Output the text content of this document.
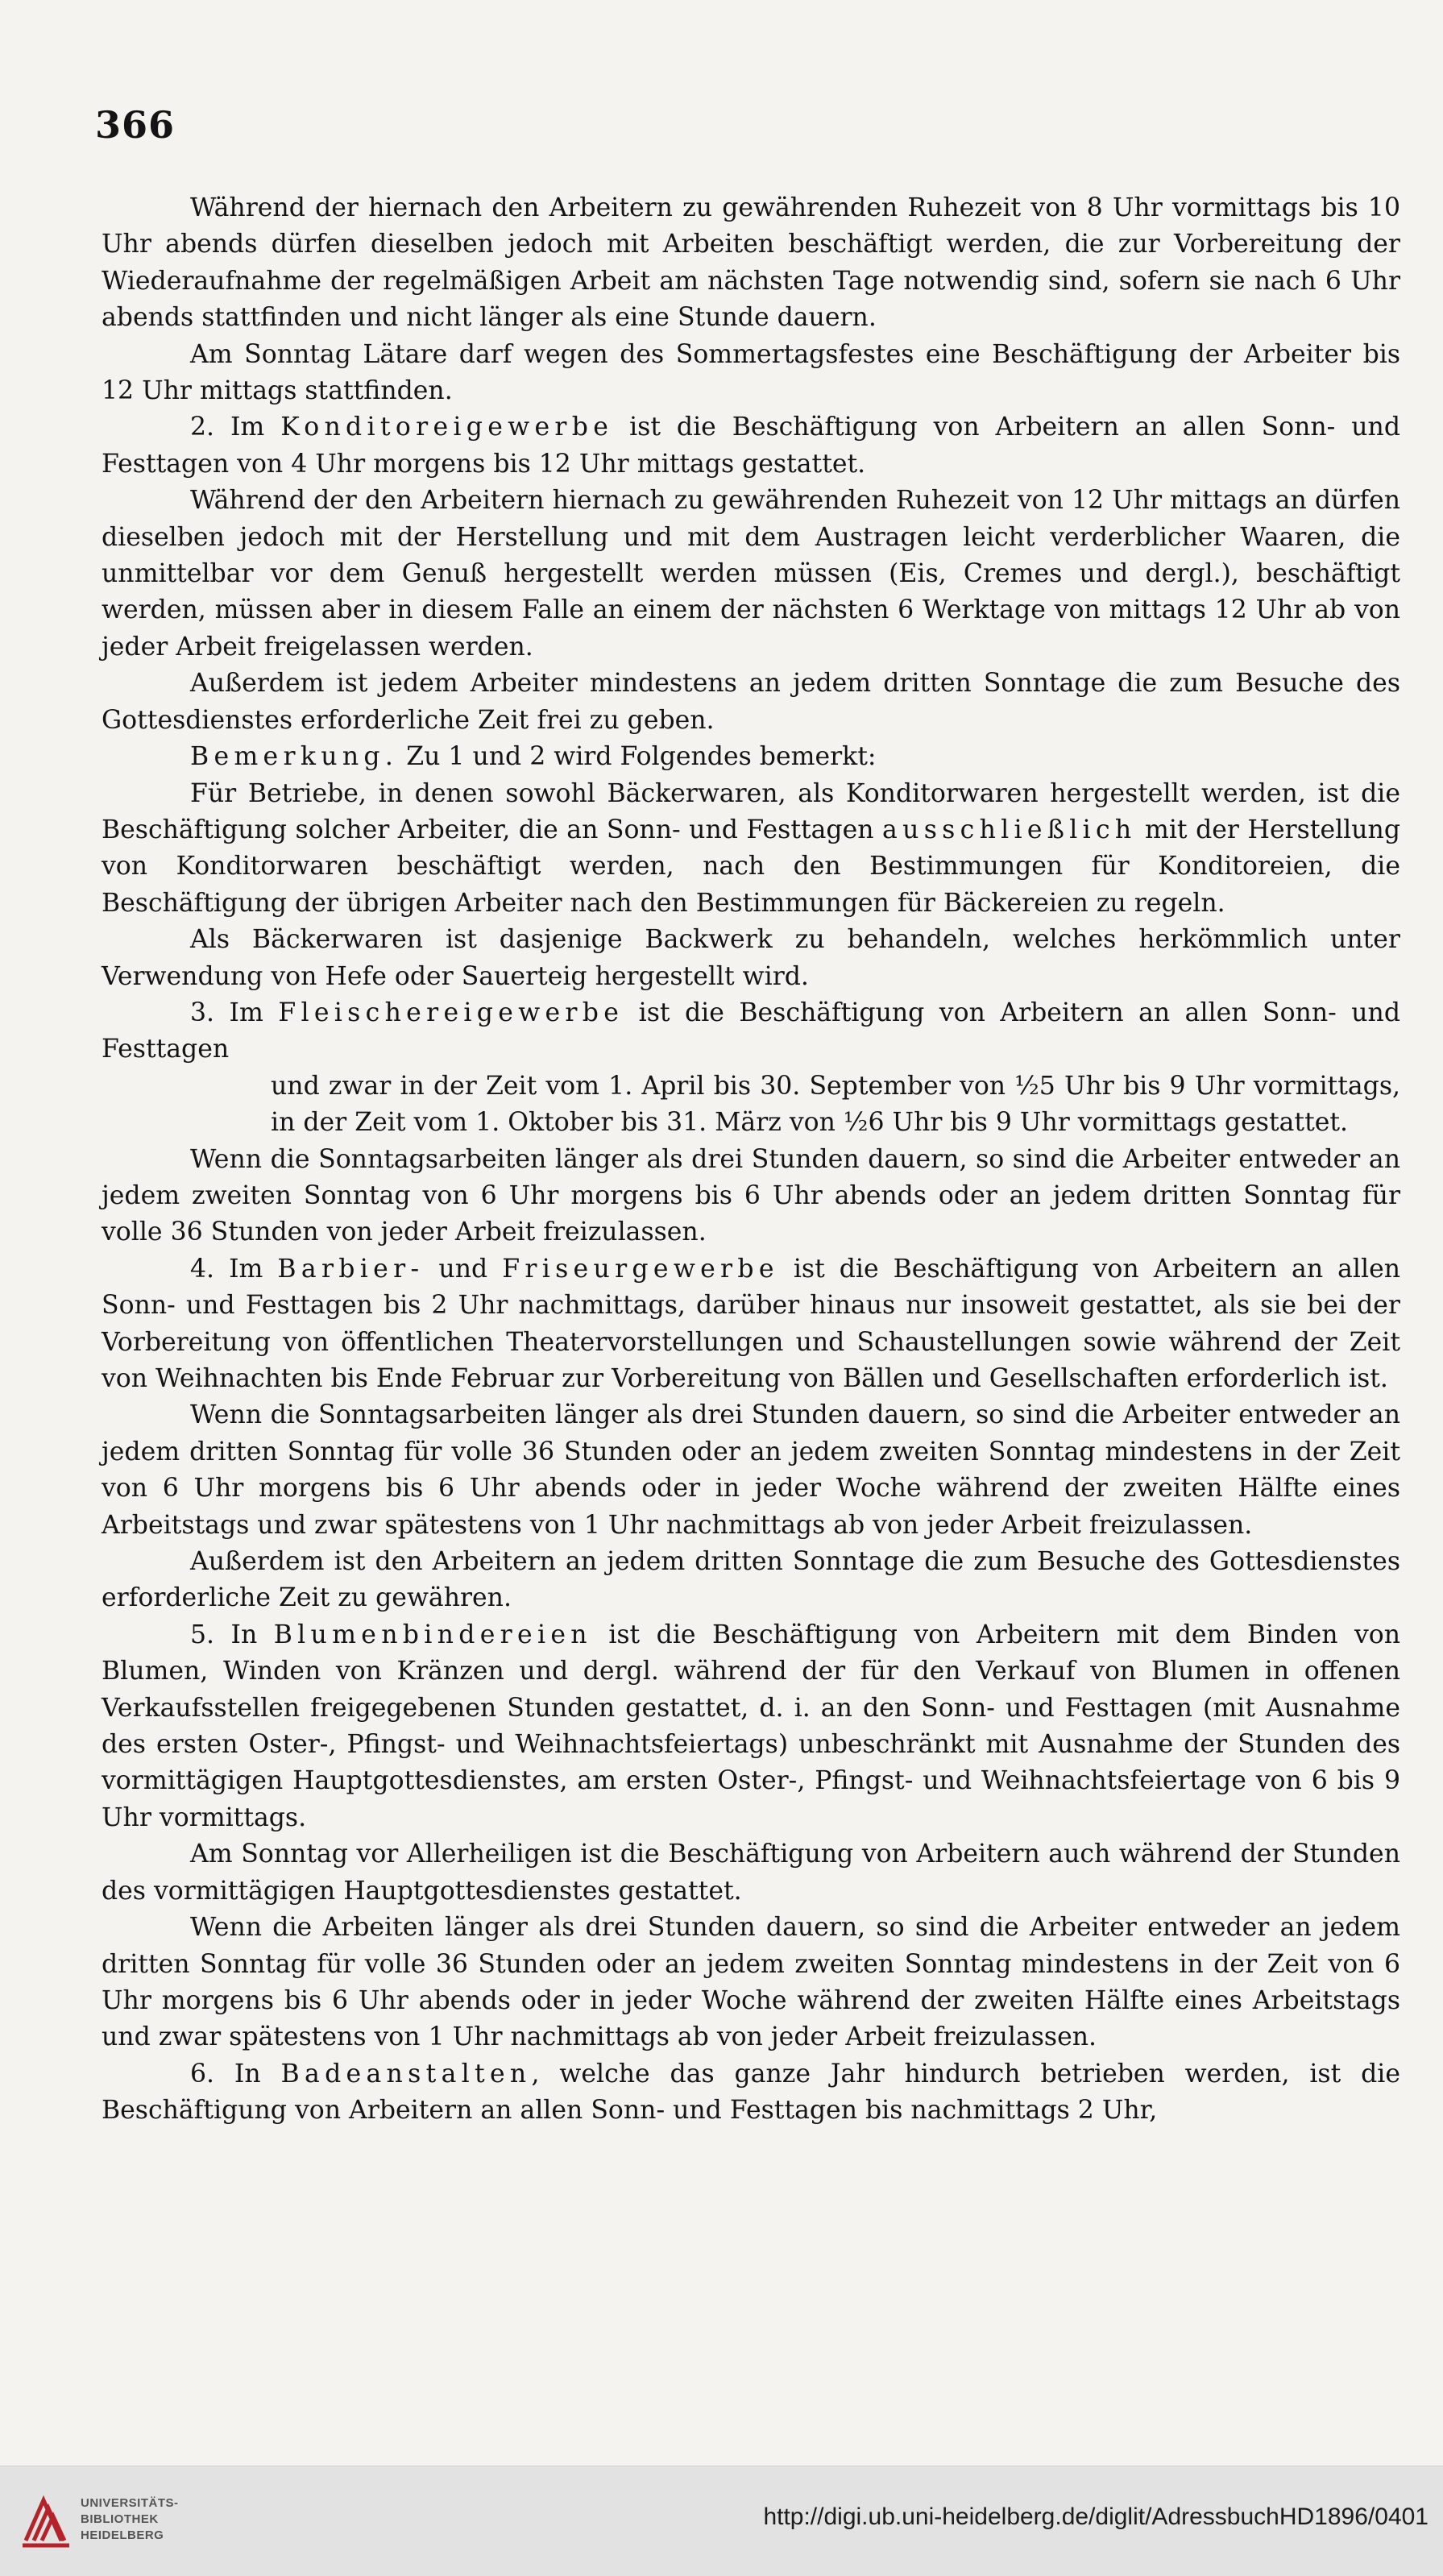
366

Während der hiernach den Arbeitern zu gewährenden Ruhezeit von 8 Uhr vormittags bis 10 Uhr abends dürfen dieselben jedoch mit Arbeiten beschäftigt werden, die zur Vorbereitung der Wiederaufnahme der regelmäßigen Arbeit am nächsten Tage notwendig sind, sofern sie nach 6 Uhr abends stattfinden und nicht länger als eine Stunde dauern.

Am Sonntag Lätare darf wegen des Sommertagsfestes eine Beschäftigung der Arbeiter bis 12 Uhr mittags stattfinden.

2. Im Konditoreigewerbe ist die Beschäftigung von Arbeitern an allen Sonn- und Festtagen von 4 Uhr morgens bis 12 Uhr mittags gestattet.

Während der den Arbeitern hiernach zu gewährenden Ruhezeit von 12 Uhr mittags an dürfen dieselben jedoch mit der Herstellung und mit dem Austragen leicht verderblicher Waaren, die unmittelbar vor dem Genuß hergestellt werden müssen (Eis, Cremes und dergl.), beschäftigt werden, müssen aber in diesem Falle an einem der nächsten 6 Werktage von mittags 12 Uhr ab von jeder Arbeit freigelassen werden.

Außerdem ist jedem Arbeiter mindestens an jedem dritten Sonntage die zum Besuche des Gottesdienstes erforderliche Zeit frei zu geben.

Bemerkung. Zu 1 und 2 wird Folgendes bemerkt:

Für Betriebe, in denen sowohl Bäckerwaren, als Konditorwaren hergestellt werden, ist die Beschäftigung solcher Arbeiter, die an Sonn- und Festtagen ausschließlich mit der Herstellung von Konditorwaren beschäftigt werden, nach den Bestimmungen für Konditoreien, die Beschäftigung der übrigen Arbeiter nach den Bestimmungen für Bäckereien zu regeln.

Als Bäckerwaren ist dasjenige Backwerk zu behandeln, welches herkömmlich unter Verwendung von Hefe oder Sauerteig hergestellt wird.

3. Im Fleischereigewerbe ist die Beschäftigung von Arbeitern an allen Sonn- und Festtagen

und zwar in der Zeit vom 1. April bis 30. September von ½5 Uhr bis 9 Uhr vormittags, in der Zeit vom 1. Oktober bis 31. März von ½6 Uhr bis 9 Uhr vormittags gestattet.

Wenn die Sonntagsarbeiten länger als drei Stunden dauern, so sind die Arbeiter entweder an jedem zweiten Sonntag von 6 Uhr morgens bis 6 Uhr abends oder an jedem dritten Sonntag für volle 36 Stunden von jeder Arbeit freizulassen.

4. Im Barbier- und Friseurgewerbe ist die Beschäftigung von Arbeitern an allen Sonn- und Festtagen bis 2 Uhr nachmittags, darüber hinaus nur insoweit gestattet, als sie bei der Vorbereitung von öffentlichen Theatervorstellungen und Schaustellungen sowie während der Zeit von Weihnachten bis Ende Februar zur Vorbereitung von Bällen und Gesellschaften erforderlich ist.

Wenn die Sonntagsarbeiten länger als drei Stunden dauern, so sind die Arbeiter entweder an jedem dritten Sonntag für volle 36 Stunden oder an jedem zweiten Sonntag mindestens in der Zeit von 6 Uhr morgens bis 6 Uhr abends oder in jeder Woche während der zweiten Hälfte eines Arbeitstags und zwar spätestens von 1 Uhr nachmittags ab von jeder Arbeit freizulassen.

Außerdem ist den Arbeitern an jedem dritten Sonntage die zum Besuche des Gottesdienstes erforderliche Zeit zu gewähren.

5. In Blumenbindereien ist die Beschäftigung von Arbeitern mit dem Binden von Blumen, Winden von Kränzen und dergl. während der für den Verkauf von Blumen in offenen Verkaufsstellen freigegebenen Stunden gestattet, d. i. an den Sonn- und Festtagen (mit Ausnahme des ersten Oster-, Pfingst- und Weihnachtsfeiertags) unbeschränkt mit Ausnahme der Stunden des vormittägigen Hauptgottesdienstes, am ersten Oster-, Pfingst- und Weihnachtsfeiertage von 6 bis 9 Uhr vormittags.

Am Sonntag vor Allerheiligen ist die Beschäftigung von Arbeitern auch während der Stunden des vormittägigen Hauptgottesdienstes gestattet.

Wenn die Arbeiten länger als drei Stunden dauern, so sind die Arbeiter entweder an jedem dritten Sonntag für volle 36 Stunden oder an jedem zweiten Sonntag mindestens in der Zeit von 6 Uhr morgens bis 6 Uhr abends oder in jeder Woche während der zweiten Hälfte eines Arbeitstags und zwar spätestens von 1 Uhr nachmittags ab von jeder Arbeit freizulassen.

6. In Badeanstalten, welche das ganze Jahr hindurch betrieben werden, ist die Beschäftigung von Arbeitern an allen Sonn- und Festtagen bis nachmittags 2 Uhr,

UNIVERSITÄTS-
BIBLIOTHEK
HEIDELBERG
http://digi.ub.uni-heidelberg.de/diglit/AdressbuchHD1896/0401
